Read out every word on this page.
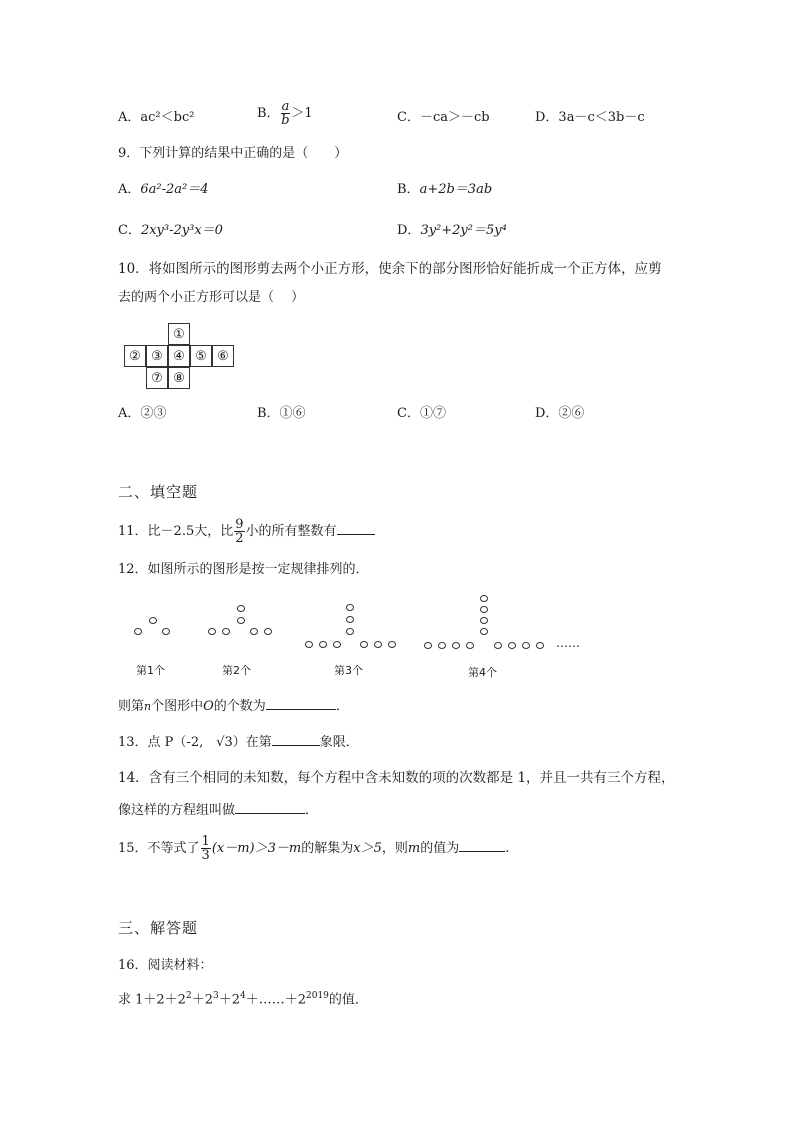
A．ac²＜bc²	B． $\frac{a}{b} >1$	C．－ca＞－cb	D．3a－c＜3b－c
9．下列计算的结果中正确的是（　　）
A．6a²-2a²＝4	B．a+2b＝3ab
C．2xy³-2y³x＝0	D．3y²+2y²＝5y⁴
10．将如图所示的图形剪去两个小正方形，使余下的部分图形恰好能折成一个正方体，应剪
去的两个小正方形可以是（　 ）
①
② ③ ④ ⑤ ⑥
⑦ ⑧
A．②③	B．①⑥	C．①⑦	D．②⑥
二、填空题
11．比－2.5大，比 $\frac{9}{2}$ 小的所有整数有
12．如图所示的图形是按一定规律排列的．
……
第1个	第2个	第3个	第4个
则第n个图形中O的个数为	．
13．点 P（-2,　√3）在第	象限．
14．含有三个相同的未知数，每个方程中含未知数的项的次数都是 1，并且一共有三个方程，
像这样的方程组叫做	．
15．不等式了 $\frac{1}{3} (x-m)>3-m$的解集为x＞5，则m的值为	.
三、解答题
16．阅读材料：
求 $1+2+2^2+2^3+2^4+\dots\dots+2^{2019}$的值．
